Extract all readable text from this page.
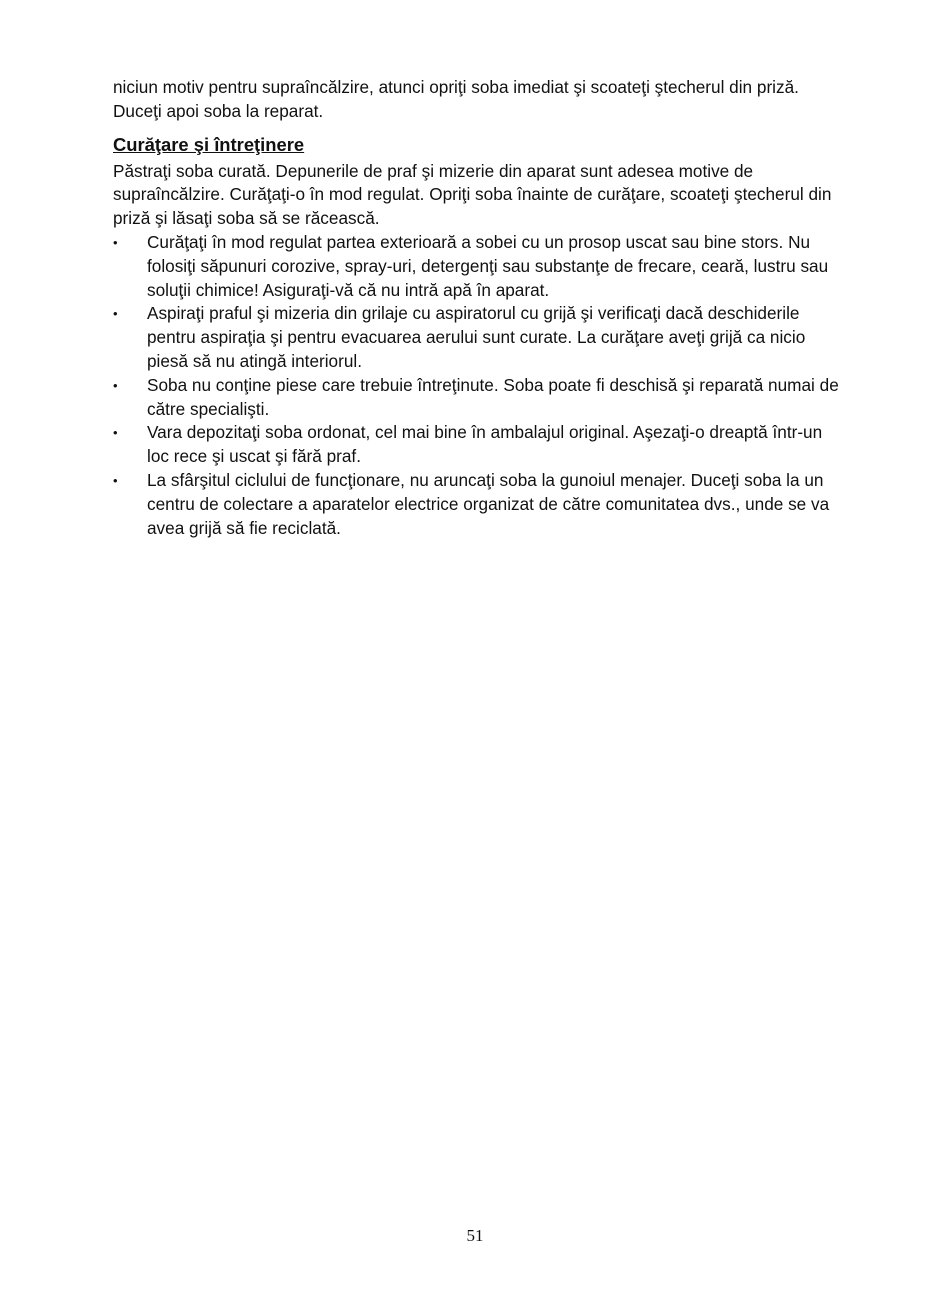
niciun motiv pentru supraîncălzire, atunci opriţi soba imediat şi scoateţi ştecherul din priză. Duceţi apoi soba la reparat.

Curăţare şi întreţinere

Păstraţi soba curată. Depunerile de praf şi mizerie din aparat sunt adesea motive de supraîncălzire. Curăţaţi-o în mod regulat. Opriţi soba înainte de curăţare, scoateţi ştecherul din priză şi lăsaţi soba să se răcească.

•	Curăţaţi în mod regulat partea exterioară a sobei cu un prosop uscat sau bine stors. Nu folosiţi săpunuri corozive, spray-uri, detergenţi sau substanţe de frecare, ceară, lustru sau soluţii chimice! Asiguraţi-vă că nu intră apă în aparat.
•	Aspiraţi praful şi mizeria din grilaje cu aspiratorul cu grijă şi verificaţi dacă deschiderile pentru aspiraţia şi pentru evacuarea aerului sunt curate. La curăţare aveţi grijă ca nicio piesă să nu atingă interiorul.
•	Soba nu conţine piese care trebuie întreţinute. Soba poate fi deschisă şi reparată numai de către specialişti.
•	Vara depozitaţi soba ordonat, cel mai bine în ambalajul original. Aşezaţi-o dreaptă într-un loc rece şi uscat şi fără praf.
•	La sfârşitul ciclului de funcţionare, nu aruncaţi soba la gunoiul menajer. Duceţi soba la un centru de colectare a aparatelor electrice organizat de către comunitatea dvs., unde se va avea grijă să fie reciclată.
51
